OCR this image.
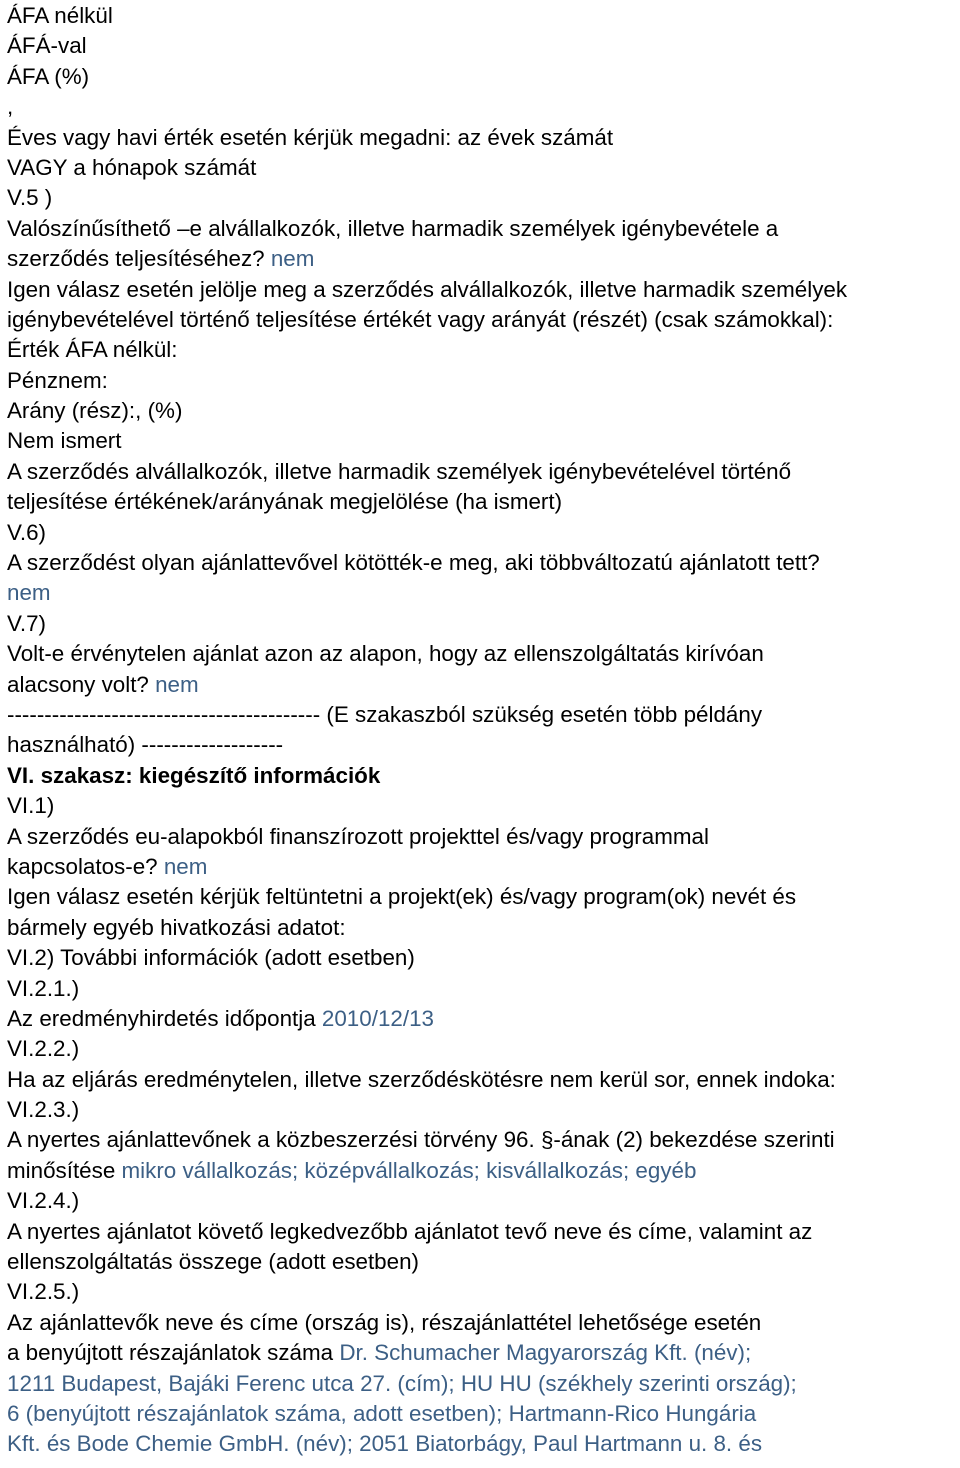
ÁFA nélkül
ÁFÁ-val
ÁFA (%)
,
Éves vagy havi érték esetén kérjük megadni: az évek számát
VAGY a hónapok számát
V.5 )
Valószínűsíthető –e alvállalkozók, illetve harmadik személyek igénybevétele a
szerződés teljesítéséhez? nem
Igen válasz esetén jelölje meg a szerződés alvállalkozók, illetve harmadik személyek
igénybevételével történő teljesítése értékét vagy arányát (részét) (csak számokkal):
Érték ÁFA nélkül:
Pénznem:
Arány (rész):, (%)
Nem ismert
A szerződés alvállalkozók, illetve harmadik személyek igénybevételével történő
teljesítése értékének/arányának megjelölése (ha ismert)
V.6)
A szerződést olyan ajánlattevővel kötötték-e meg, aki többváltozatú ajánlatott tett?
nem
V.7)
Volt-e érvénytelen ajánlat azon az alapon, hogy az ellenszolgáltatás kirívóan
alacsony volt? nem
------------------------------------------ (E szakaszból szükség esetén több példány
használható) -------------------
VI. szakasz: kiegészítő információk
VI.1)
A szerződés eu-alapokból finanszírozott projekttel és/vagy programmal
kapcsolatos-e? nem
Igen válasz esetén kérjük feltüntetni a projekt(ek) és/vagy program(ok) nevét és
bármely egyéb hivatkozási adatot:
VI.2) További információk (adott esetben)
VI.2.1.)
Az eredményhirdetés időpontja 2010/12/13
VI.2.2.)
Ha az eljárás eredménytelen, illetve szerződéskötésre nem kerül sor, ennek indoka:
VI.2.3.)
A nyertes ajánlattevőnek a közbeszerzési törvény 96. §-ának (2) bekezdése szerinti
minősítése mikro vállalkozás; középvállalkozás; kisvállalkozás; egyéb
VI.2.4.)
A nyertes ajánlatot követő legkedvezőbb ajánlatot tevő neve és címe, valamint az
ellenszolgáltatás összege (adott esetben)
VI.2.5.)
Az ajánlattevők neve és címe (ország is), részajánlattétel lehetősége esetén
a benyújtott részajánlatok száma Dr. Schumacher Magyarország Kft. (név);
1211 Budapest, Bajáki Ferenc utca 27. (cím); HU HU (székhely szerinti ország);
6 (benyújtott részajánlatok száma, adott esetben); Hartmann-Rico Hungária
Kft. és Bode Chemie GmbH. (név); 2051 Biatorbágy, Paul Hartmann u. 8. és
